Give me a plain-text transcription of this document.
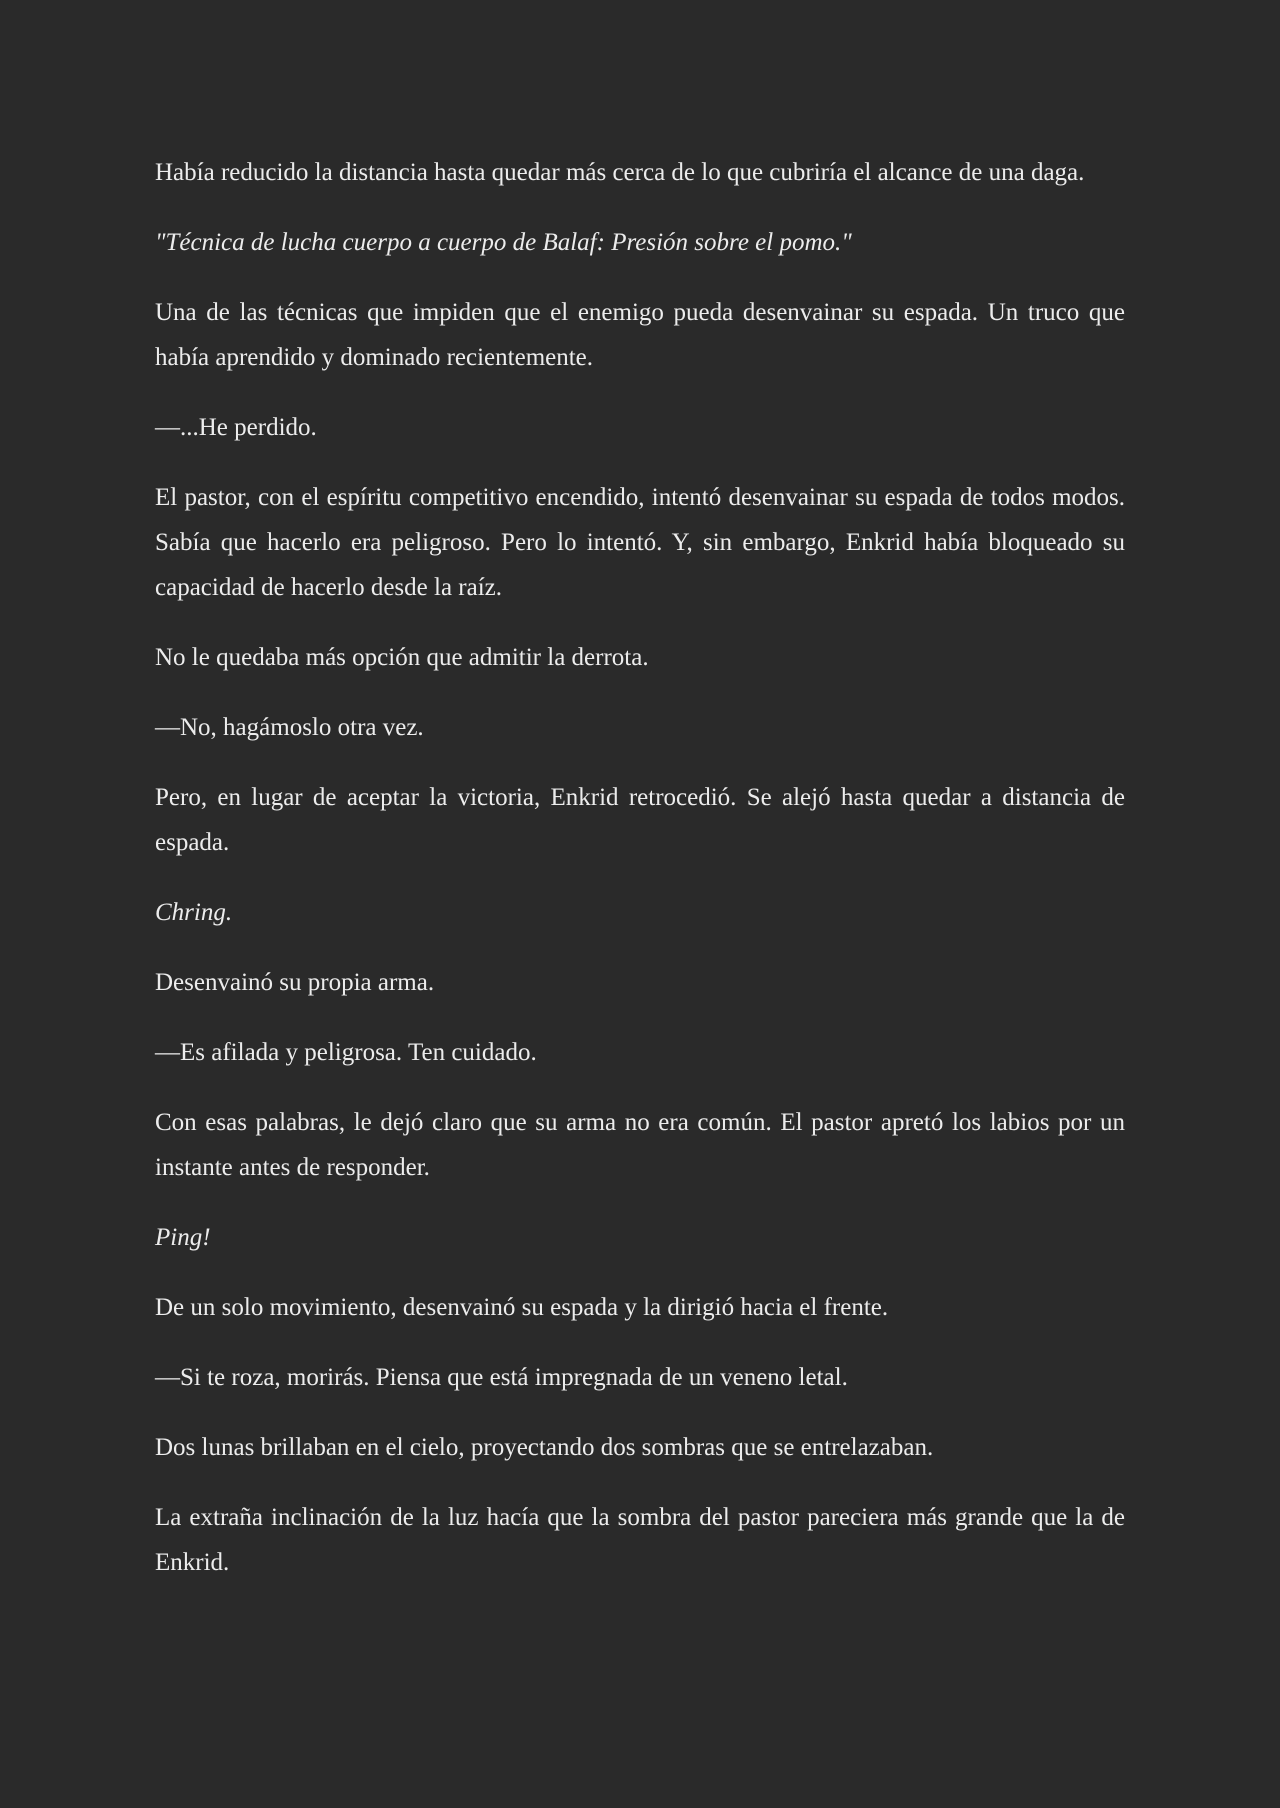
Había reducido la distancia hasta quedar más cerca de lo que cubriría el alcance de una daga.

"Técnica de lucha cuerpo a cuerpo de Balaf: Presión sobre el pomo."

Una de las técnicas que impiden que el enemigo pueda desenvainar su espada. Un truco que había aprendido y dominado recientemente.

—...He perdido.

El pastor, con el espíritu competitivo encendido, intentó desenvainar su espada de todos modos. Sabía que hacerlo era peligroso. Pero lo intentó. Y, sin embargo, Enkrid había bloqueado su capacidad de hacerlo desde la raíz.

No le quedaba más opción que admitir la derrota.

—No, hagámoslo otra vez.

Pero, en lugar de aceptar la victoria, Enkrid retrocedió. Se alejó hasta quedar a distancia de espada.

Chring.

Desenvainó su propia arma.

—Es afilada y peligrosa. Ten cuidado.

Con esas palabras, le dejó claro que su arma no era común. El pastor apretó los labios por un instante antes de responder.

Ping!

De un solo movimiento, desenvainó su espada y la dirigió hacia el frente.

—Si te roza, morirás. Piensa que está impregnada de un veneno letal.

Dos lunas brillaban en el cielo, proyectando dos sombras que se entrelazaban.

La extraña inclinación de la luz hacía que la sombra del pastor pareciera más grande que la de Enkrid.
